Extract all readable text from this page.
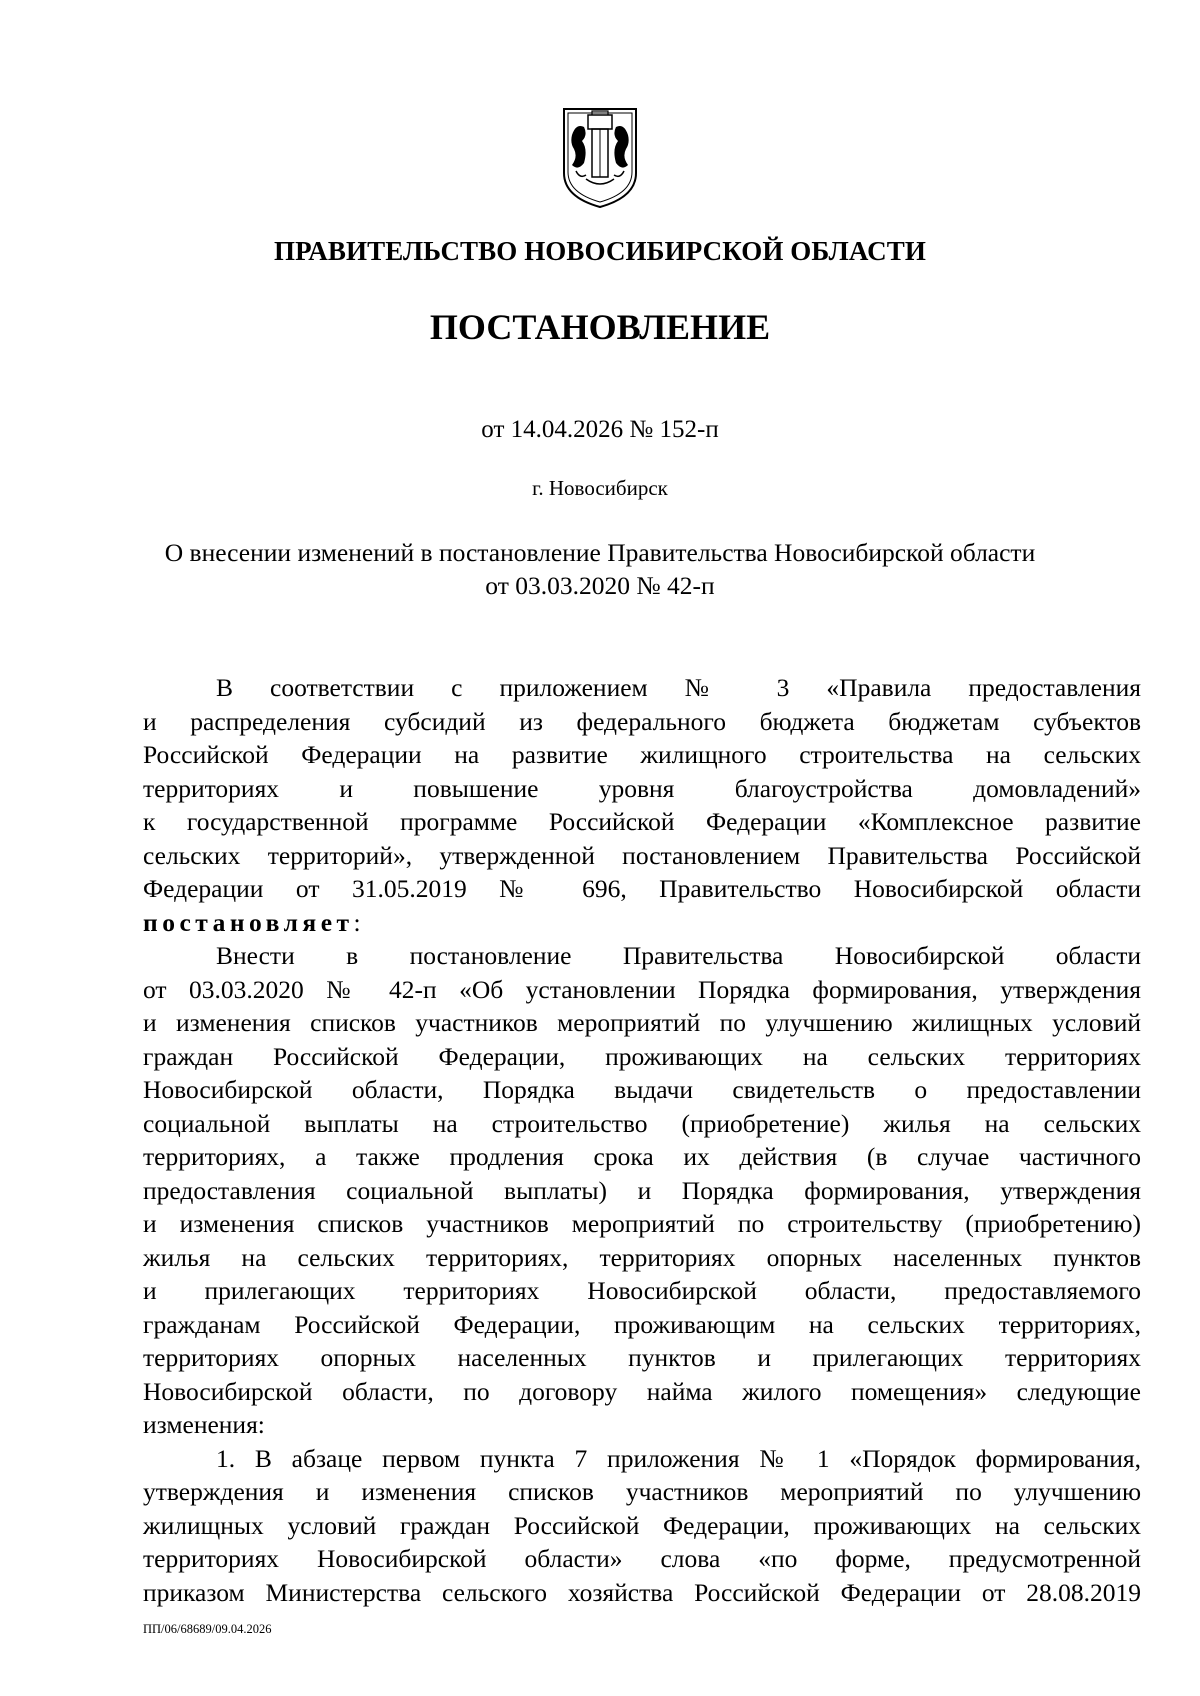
ПРАВИТЕЛЬСТВО НОВОСИБИРСКОЙ ОБЛАСТИ
ПОСТАНОВЛЕНИЕ
от 14.04.2026 № 152-п
г. Новосибирск
О внесении изменений в постановление Правительства Новосибирской области
от 03.03.2020 № 42-п
В соответствии с приложением № 3 «Правила предоставления
и распределения субсидий из федерального бюджета бюджетам субъектов
Российской Федерации на развитие жилищного строительства на сельских
территориях и повышение уровня благоустройства домовладений»
к государственной программе Российской Федерации «Комплексное развитие
сельских территорий», утвержденной постановлением Правительства Российской
Федерации от 31.05.2019 № 696, Правительство Новосибирской области
постановляет:
Внести в постановление Правительства Новосибирской области
от 03.03.2020 № 42-п «Об установлении Порядка формирования, утверждения
и изменения списков участников мероприятий по улучшению жилищных условий
граждан Российской Федерации, проживающих на сельских территориях
Новосибирской области, Порядка выдачи свидетельств о предоставлении
социальной выплаты на строительство (приобретение) жилья на сельских
территориях, а также продления срока их действия (в случае частичного
предоставления социальной выплаты) и Порядка формирования, утверждения
и изменения списков участников мероприятий по строительству (приобретению)
жилья на сельских территориях, территориях опорных населенных пунктов
и прилегающих территориях Новосибирской области, предоставляемого
гражданам Российской Федерации, проживающим на сельских территориях,
территориях опорных населенных пунктов и прилегающих территориях
Новосибирской области, по договору найма жилого помещения» следующие
изменения:
1. В абзаце первом пункта 7 приложения № 1 «Порядок формирования,
утверждения и изменения списков участников мероприятий по улучшению
жилищных условий граждан Российской Федерации, проживающих на сельских
территориях Новосибирской области» слова «по форме, предусмотренной
приказом Министерства сельского хозяйства Российской Федерации от 28.08.2019
ПП/06/68689/09.04.2026
